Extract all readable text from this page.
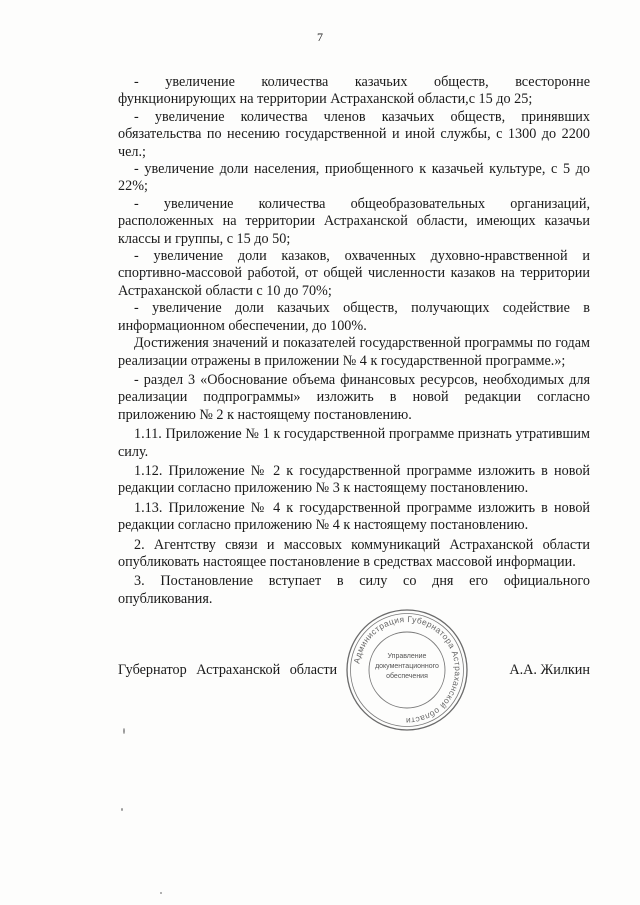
7

- увеличение количества казачьих обществ, всесторонне функционирующих на территории Астраханской области,с 15 до 25;

- увеличение количества членов казачьих обществ, принявших обязательства по несению государственной и иной службы, с 1300 до 2200 чел.;

- увеличение доли населения, приобщенного к казачьей культуре, с 5 до 22%;

- увеличение количества общеобразовательных организаций, расположенных на территории Астраханской области, имеющих казачьи классы и группы, с 15 до 50;

- увеличение доли казаков, охваченных духовно-нравственной и спортивно-массовой работой, от общей численности казаков на территории Астраханской области с 10 до 70%;

- увеличение доли казачьих обществ, получающих содействие в информационном обеспечении, до 100%.

Достижения значений и показателей государственной программы по годам реализации отражены в приложении № 4 к государственной программе.»;

- раздел 3 «Обоснование объема финансовых ресурсов, необходимых для реализации подпрограммы» изложить в новой редакции согласно приложению № 2 к настоящему постановлению.

1.11. Приложение № 1 к государственной программе признать утратившим силу.

1.12. Приложение № 2 к государственной программе изложить в новой редакции согласно приложению № 3 к настоящему постановлению.

1.13. Приложение № 4 к государственной программе изложить в новой редакции согласно приложению № 4 к настоящему постановлению.

2. Агентству связи и массовых коммуникаций Астраханской области опубликовать настоящее постановление в средствах массовой информации.

3. Постановление вступает в силу со дня его официального опубликования.

Администрация Губернатора Астраханской области
Управление
документационного
обеспечения
Губернатор Астраханской области	А.А. Жилкин
